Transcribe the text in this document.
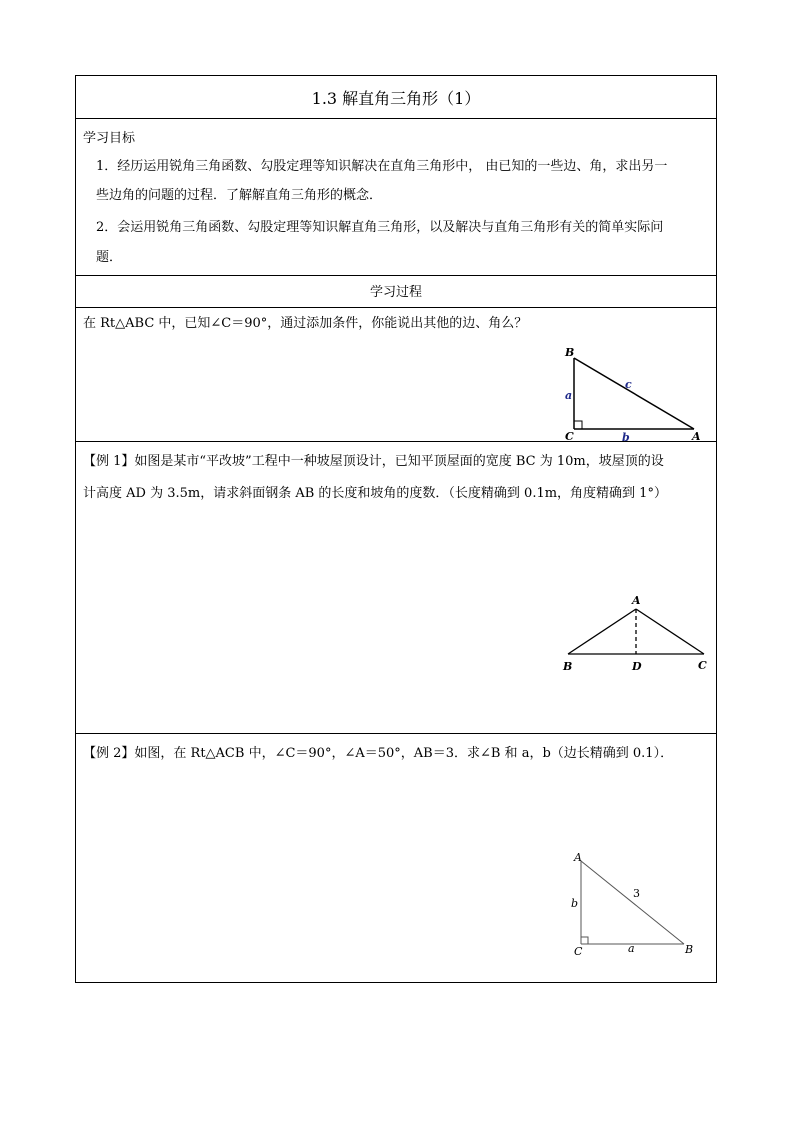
1.3 解直角三角形（1）
学习目标
1．经历运用锐角三角函数、勾股定理等知识解决在直角三角形中， 由已知的一些边、角，求出另一
些边角的问题的过程．了解解直角三角形的概念．
2．会运用锐角三角函数、勾股定理等知识解直角三角形，以及解决与直角三角形有关的简单实际问
题．
学习过程
在 Rt△ABC 中，已知∠C＝90°，通过添加条件，你能说出其他的边、角么？
B
C	A
a
b
c
【例 1】如图是某市“平改坡”工程中一种坡屋顶设计，已知平顶屋面的宽度 BC 为 10m，坡屋顶的设
计高度 AD 为 3.5m，请求斜面钢条 AB 的长度和坡角的度数．（长度精确到 0.1m，角度精确到 1°）
A
B	D	C
【例 2】如图，在 Rt△ACB 中，∠C＝90°，∠A＝50°，AB＝3．求∠B 和 a，b（边长精确到 0.1）．
A
C	B
b
a
3
